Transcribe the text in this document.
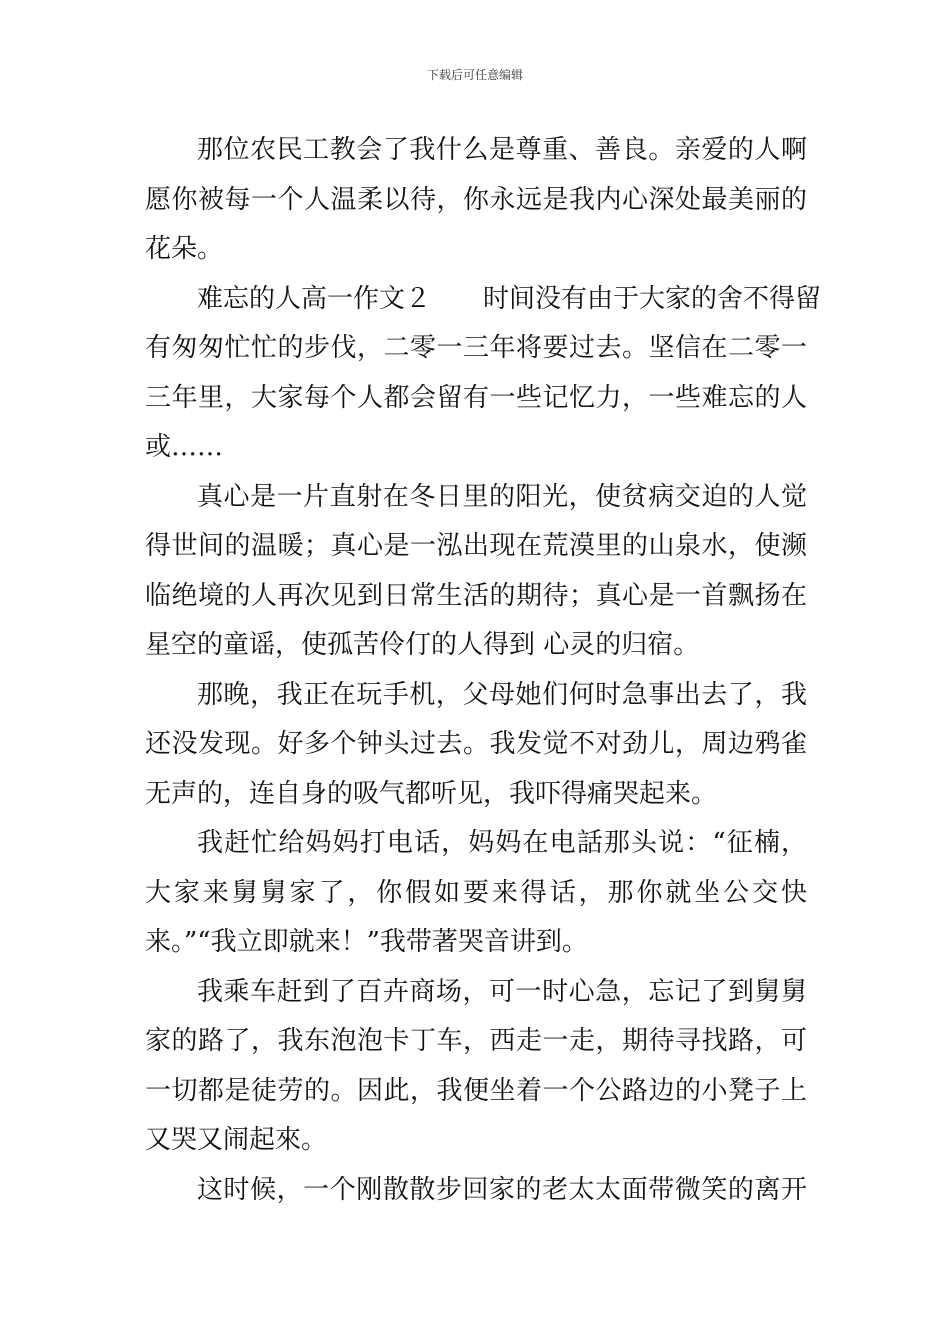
下载后可任意编辑
那位农民工教会了我什么是尊重、善良。亲爱的人啊
愿你被每一个人温柔以待，你永远是我内心深处最美丽的
花朵。
难忘的人高一作文２　　时间没有由于大家的舍不得留
有匆匆忙忙的步伐，二零一三年将要过去。坚信在二零一
三年里，大家每个人都会留有一些记忆力，一些难忘的人
或……
真心是一片直射在冬日里的阳光，使贫病交迫的人觉
得世间的温暖；真心是一泓出现在荒漠里的山泉水，使濒
临绝境的人再次见到日常生活的期待；真心是一首飘扬在
星空的童谣，使孤苦伶仃的人得到 心灵的归宿。
那晚，我正在玩手机，父母她们何时急事出去了，我
还没发现。好多个钟头过去。我发觉不对劲儿，周边鸦雀
无声的，连自身的吸气都听见，我吓得痛哭起来。
我赶忙给妈妈打电话，妈妈在电話那头说：“征楠，
大家来舅舅家了，你假如要来得话，那你就坐公交快
来。”“我立即就来！”我带著哭音讲到。
我乘车赶到了百卉商场，可一时心急，忘记了到舅舅
家的路了，我东泡泡卡丁车，西走一走，期待寻找路，可
一切都是徒劳的。因此，我便坐着一个公路边的小凳子上
又哭又闹起來。
这时候，一个刚散散步回家的老太太面带微笑的离开
